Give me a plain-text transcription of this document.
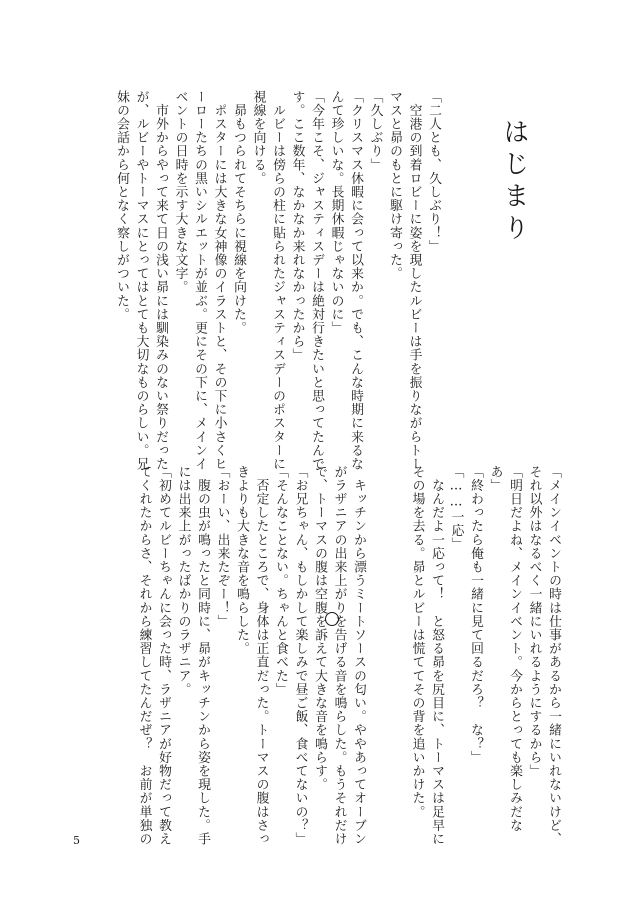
はじまり
「二人とも、久しぶり！」
　空港の到着ロビーに姿を現したルビーは手を振りながらトー
マスと昴のもとに駆け寄った。
「久しぶり」
「クリスマス休暇に会って以来か。でも、こんな時期に来るな
んて珍しいな。長期休暇じゃないのに」
「今年こそ、ジャスティスデーは絶対行きたいと思ってたんで
す。ここ数年、なかなか来れなかったから」
　ルビーは傍らの柱に貼られたジャスティスデーのポスターに
視線を向ける。
　昴もつられてそちらに視線を向けた。
　ポスターには大きな女神像のイラストと、その下に小さくヒ
ーローたちの黒いシルエットが並ぶ。更にその下に、メインイ
ベントの日時を示す大きな文字。
　市外からやって来て日の浅い昴には馴染みのない祭りだった
が、ルビーやトーマスにとってはとても大切なものらしい。兄
妹の会話から何となく察しがついた。
「メインイベントの時は仕事があるから一緒にいれないけど、
それ以外はなるべく一緒にいれるようにするから」
「明日だよね、メインイベント。今からとっても楽しみだな
あ」
「終わったら俺も一緒に見て回るだろ？　な？」
「……一応」
　なんだよ一応って！　と怒る昴を尻目に、トーマスは足早に
その場を去る。昴とルビーは慌ててその背を追いかけた。

　キッチンから漂うミートソースの匂い。ややあってオーブン
がラザニアの出来上がりを告げる音を鳴らした。もうそれだけ
で、トーマスの腹は空腹を訴えて大きな音を鳴らす。
「お兄ちゃん、もしかして楽しみで昼ご飯、食べてないの？」
「そんなことない。ちゃんと食べた」
　否定したところで、身体は正直だった。トーマスの腹はさっ
きよりも大きな音を鳴らした。
「おーい、出来たぞー！」
　腹の虫が鳴ったと同時に、昴がキッチンから姿を現した。手
には出来上がったばかりのラザニア。
「初めてルビーちゃんに会った時、ラザニアが好物だって教え
てくれたからさ、それから練習してたんだぜ？　お前が単独の
5
